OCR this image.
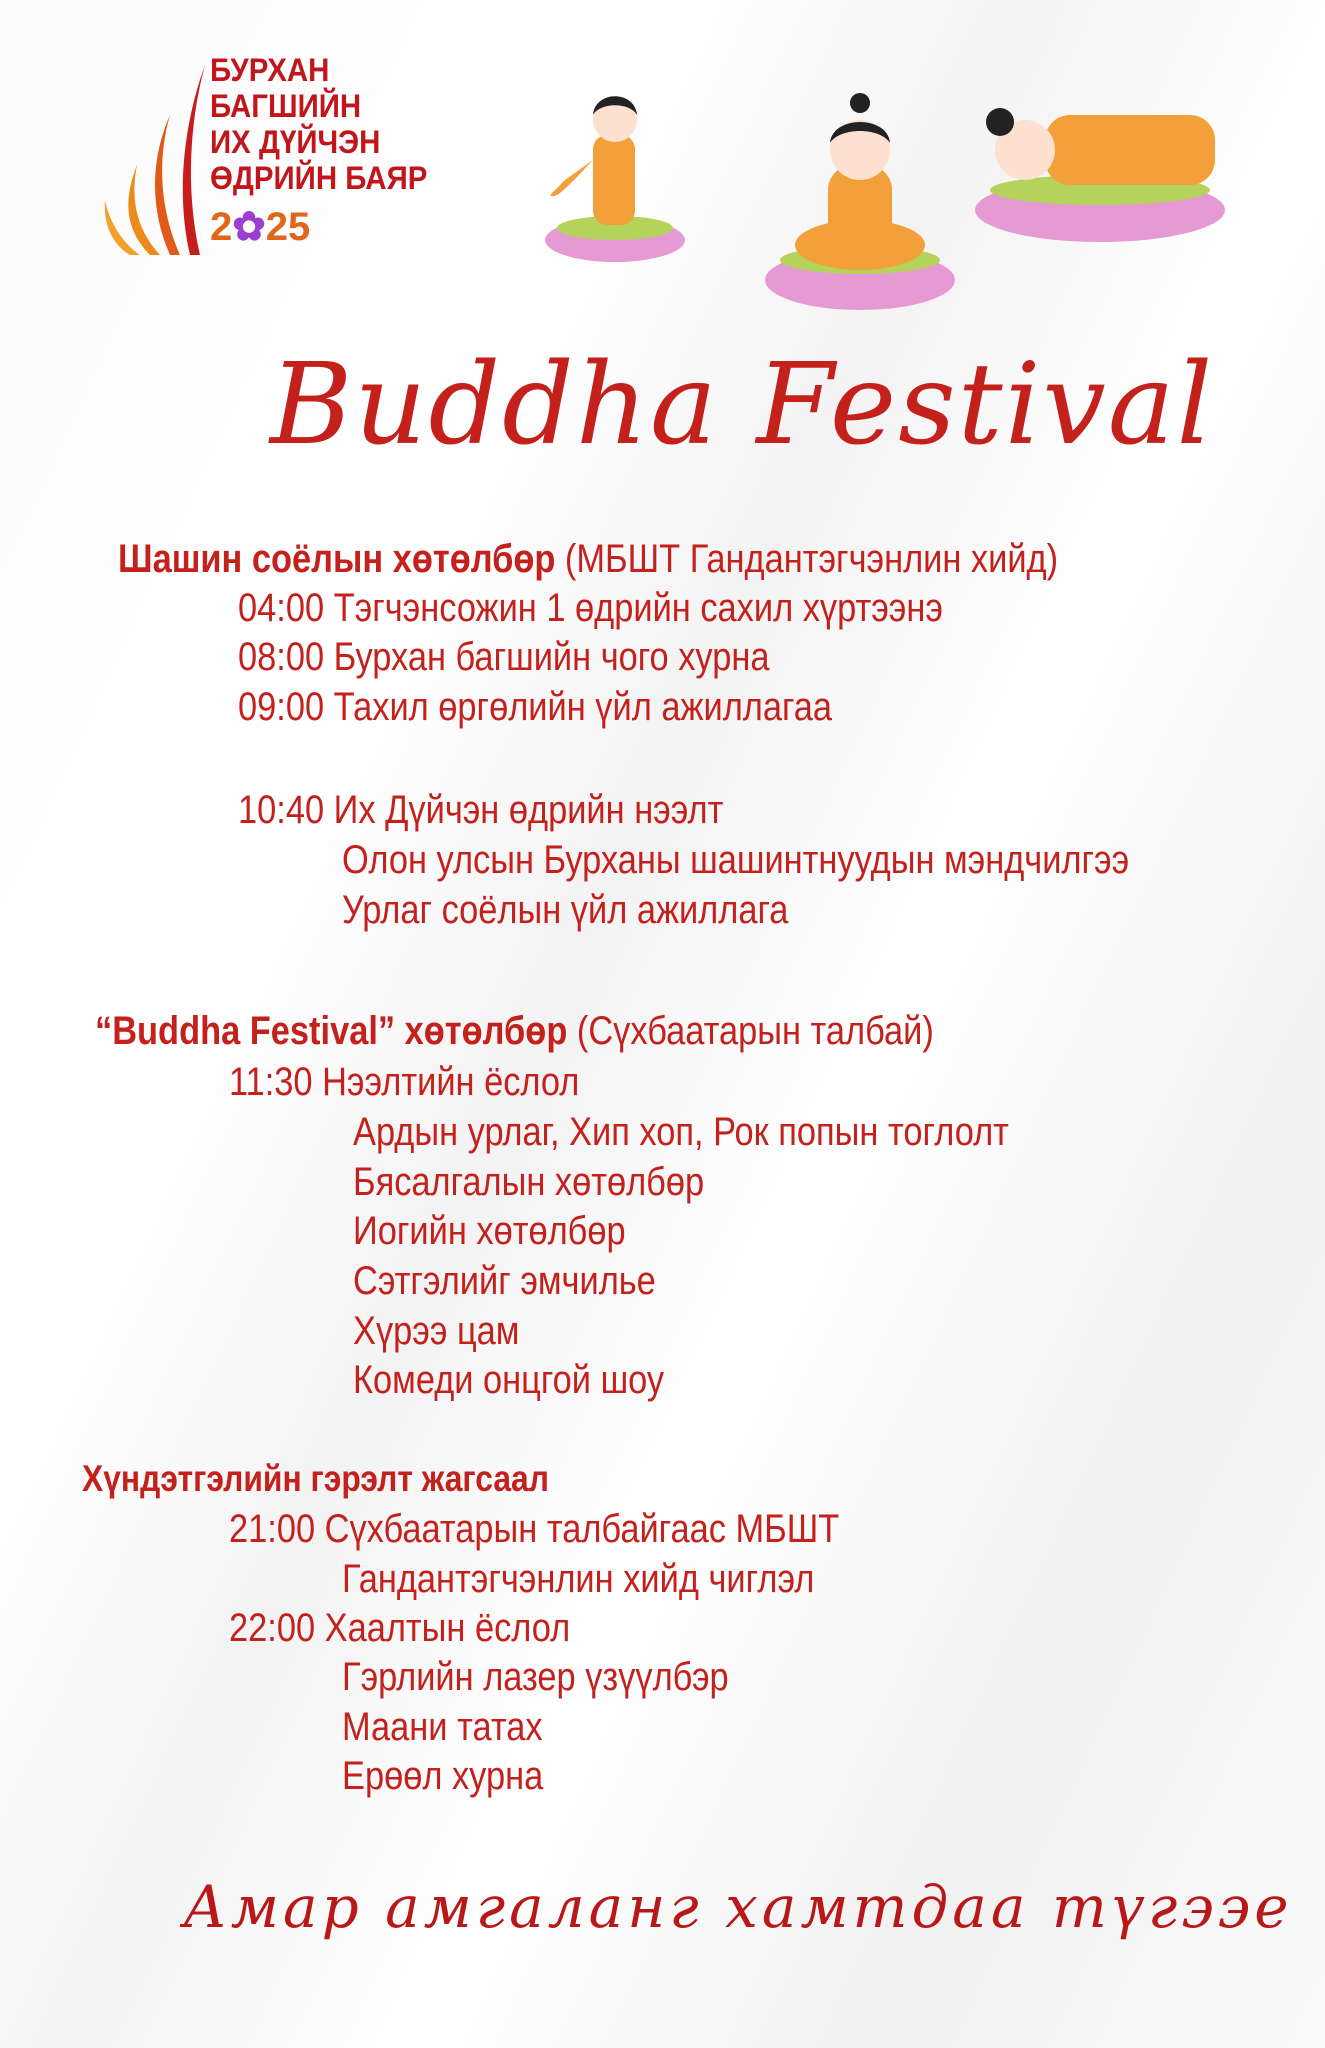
БУРХАН
БАГШИЙН
ИХ ДҮЙЧЭН
ӨДРИЙН БАЯР
2✿25
Buddha Festival
Шашин соёлын хөтөлбөр (МБШТ Гандантэгчэнлин хийд)
04:00 Тэгчэнсожин 1 өдрийн сахил хүртээнэ
08:00 Бурхан багшийн чого хурна
09:00 Тахил өргөлийн үйл ажиллагаа
10:40 Их Дүйчэн өдрийн нээлт
Олон улсын Бурханы шашинтнуудын мэндчилгээ
Урлаг соёлын үйл ажиллага
“Buddha Festival” хөтөлбөр (Сүхбаатарын талбай)
11:30 Нээлтийн ёслол
Ардын урлаг, Хип хоп, Рок попын тоглолт
Бясалгалын хөтөлбөр
Иогийн хөтөлбөр
Сэтгэлийг эмчилье
Хүрээ цам
Комеди онцгой шоу
Хүндэтгэлийн гэрэлт жагсаал
21:00 Сүхбаатарын талбайгаас МБШТ
Гандантэгчэнлин хийд чиглэл
22:00 Хаалтын ёслол
Гэрлийн лазер үзүүлбэр
Маани татах
Ерөөл хурна
Амар амгаланг хамтдаа түгээе
